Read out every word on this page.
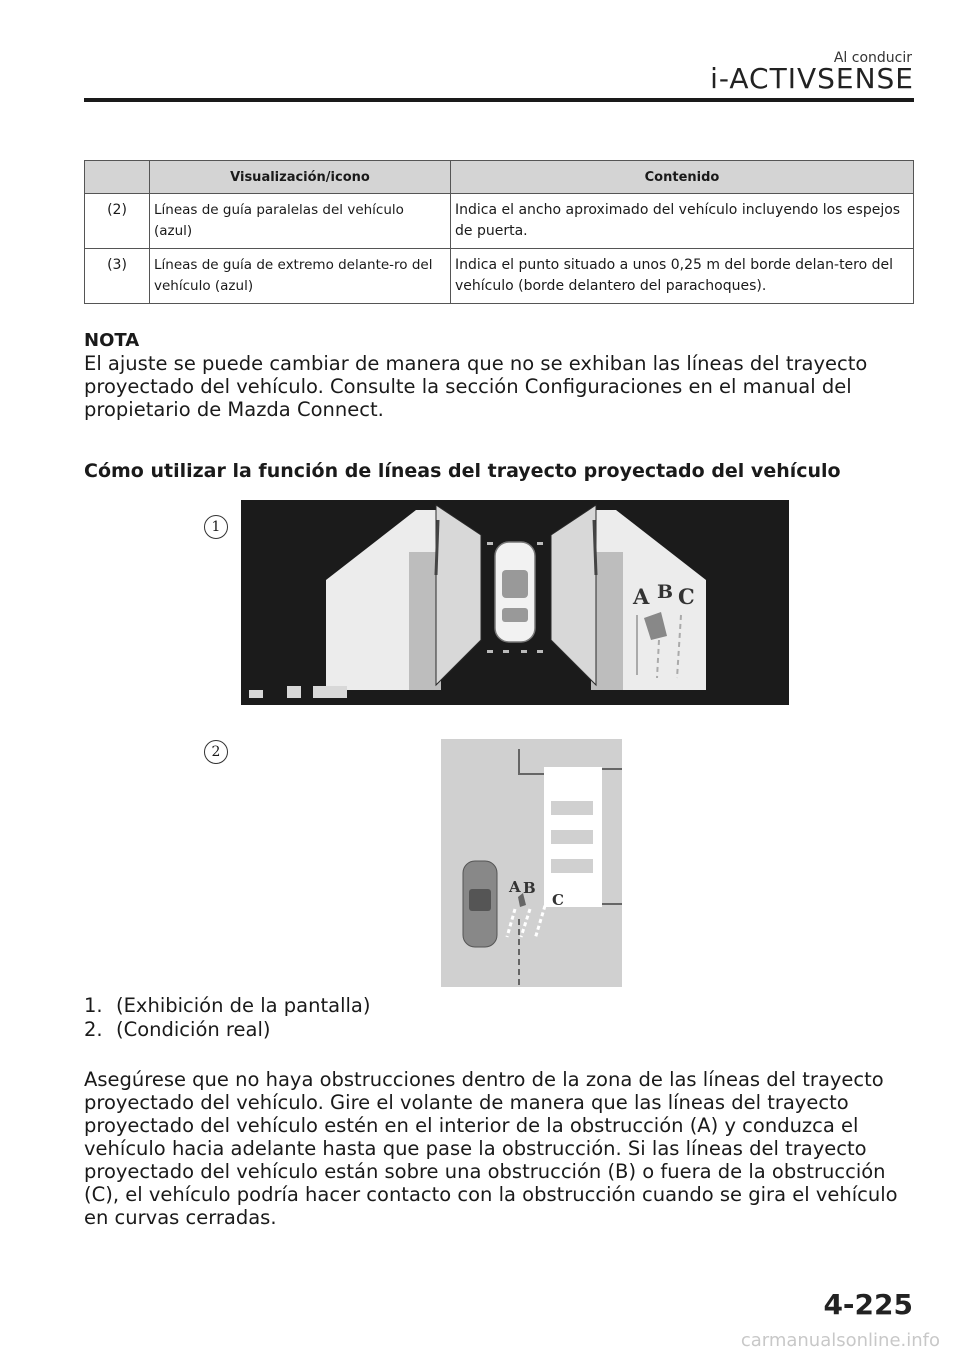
Al conducir
i-ACTIVSENSE
	Visualización/icono	Contenido
(2)	Líneas de guía paralelas del vehículo (azul)	Indica el ancho aproximado del vehículo incluyendo los espejos de puerta.
(3)	Líneas de guía de extremo delante-ro del vehículo (azul)	Indica el punto situado a unos 0,25 m del borde delan-tero del vehículo (borde delantero del parachoques).
NOTA
El ajuste se puede cambiar de manera que no se exhiban las líneas del trayecto proyectado del vehículo. Consulte la sección Configuraciones en el manual del propietario de Mazda Connect.
Cómo utilizar la función de líneas del trayecto proyectado del vehículo
1
A B C
2
A B
C
1. (Exhibición de la pantalla)
2. (Condición real)
Asegúrese que no haya obstrucciones dentro de la zona de las líneas del trayecto proyectado del vehículo. Gire el volante de manera que las líneas del trayecto proyectado del vehículo estén en el interior de la obstrucción (A) y conduzca el vehículo hacia adelante hasta que pase la obstrucción. Si las líneas del trayecto proyectado del vehículo están sobre una obstrucción (B) o fuera de la obstrucción (C), el vehículo podría hacer contacto con la obstrucción cuando se gira el vehículo en curvas cerradas.
4-225
carmanualsonline.info
